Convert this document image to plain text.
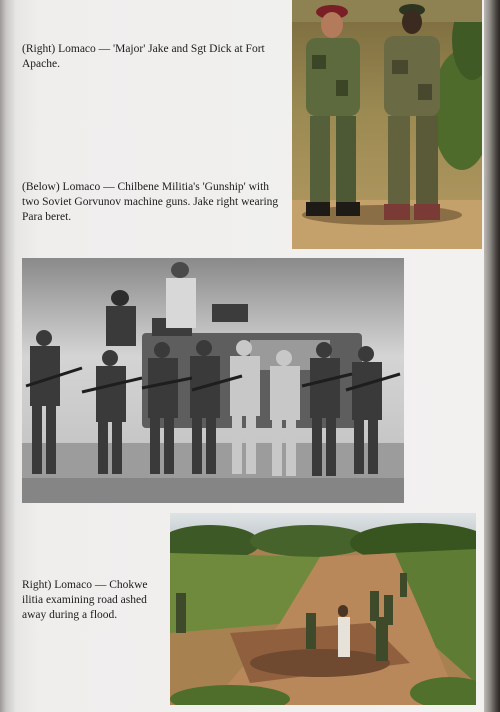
(Right) Lomaco — 'Major' Jake and Sgt Dick at Fort Apache.
(Below) Lomaco — Chilbene Militia's 'Gunship' with two Soviet Gorvunov machine guns. Jake right wearing Para beret.
Right) Lomaco — Chokwe ilitia examining road ashed away during a flood.
